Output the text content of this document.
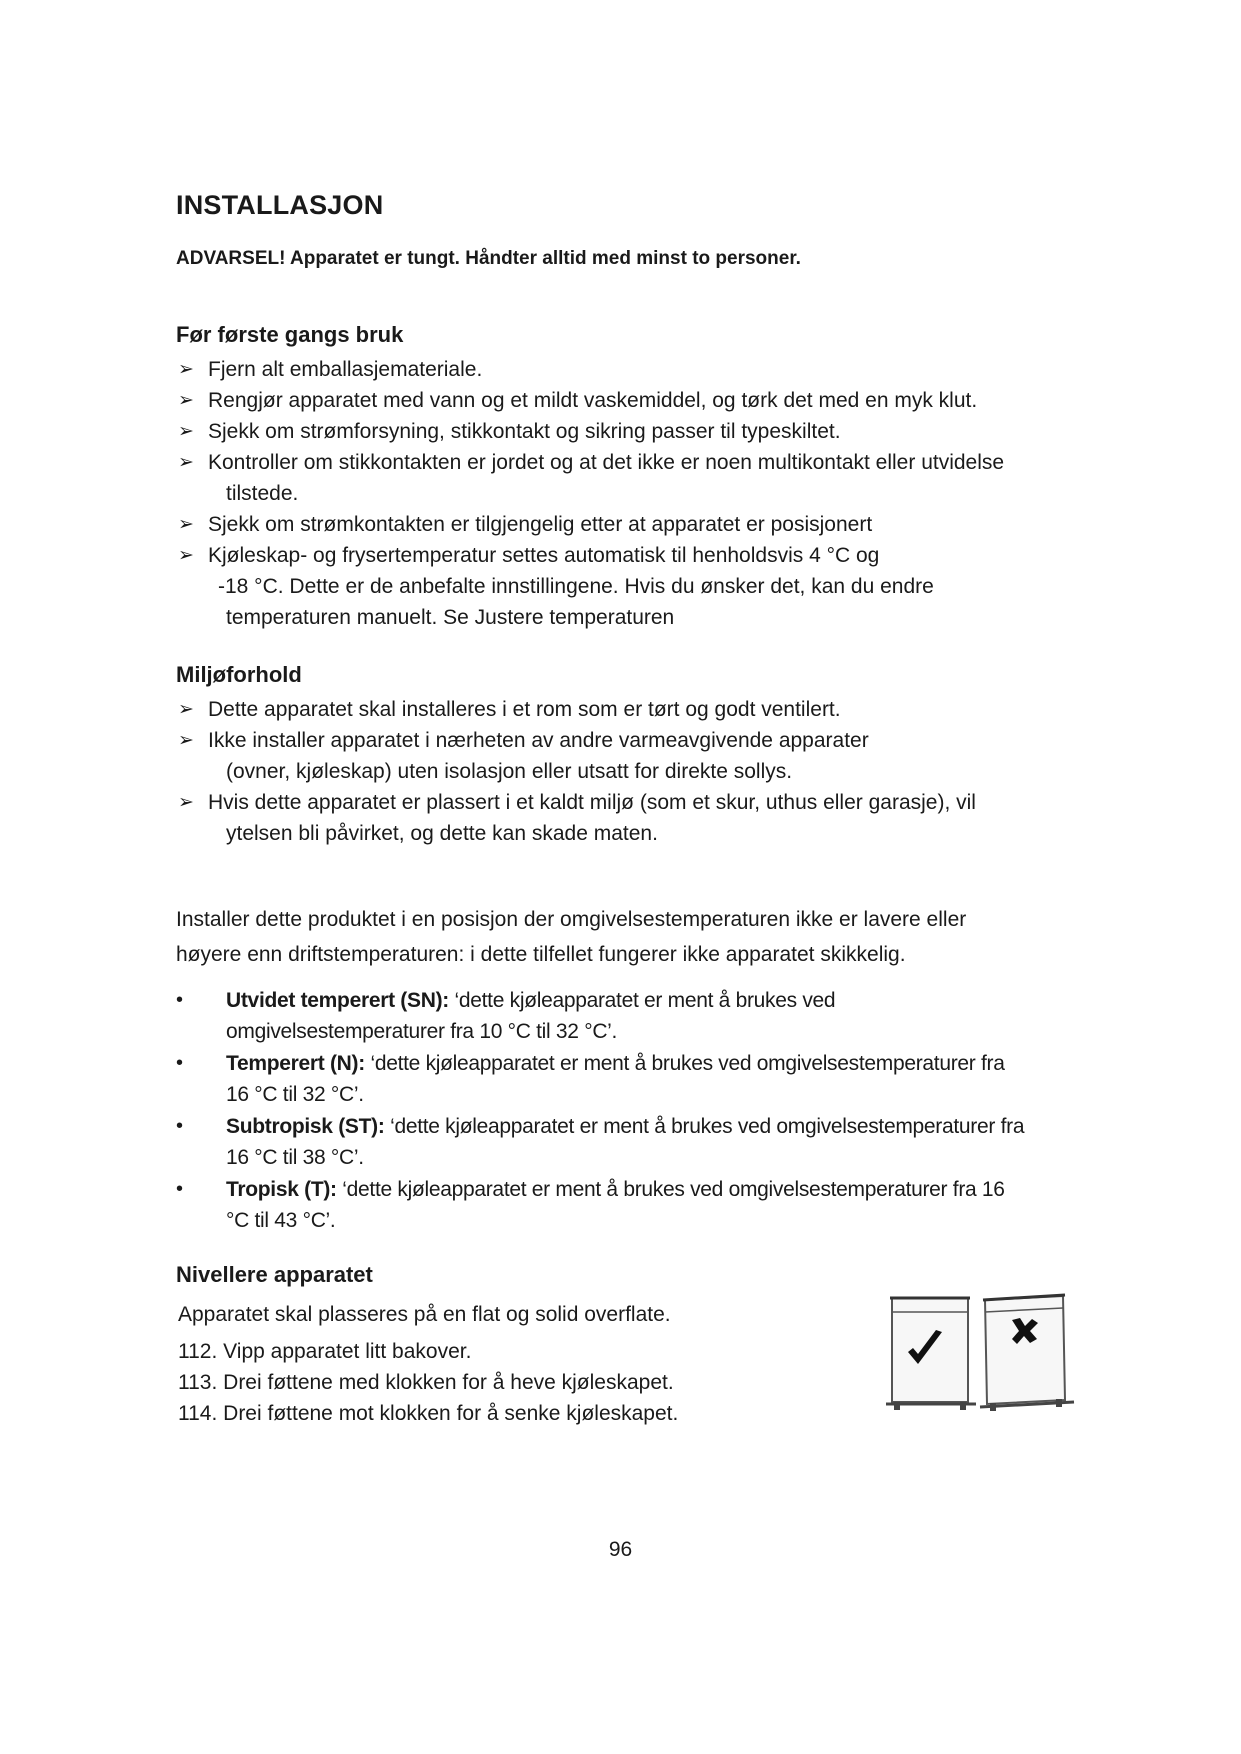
INSTALLASJON
ADVARSEL! Apparatet er tungt. Håndter alltid med minst to personer.
Før første gangs bruk
➢ Fjern alt emballasjemateriale.
➢ Rengjør apparatet med vann og et mildt vaskemiddel, og tørk det med en myk klut.
➢ Sjekk om strømforsyning, stikkontakt og sikring passer til typeskiltet.
➢ Kontroller om stikkontakten er jordet og at det ikke er noen multikontakt eller utvidelse
tilstede.
➢ Sjekk om strømkontakten er tilgjengelig etter at apparatet er posisjonert
➢ Kjøleskap- og frysertemperatur settes automatisk til henholdsvis 4 °C og
-18 °C. Dette er de anbefalte innstillingene. Hvis du ønsker det, kan du endre
temperaturen manuelt. Se Justere temperaturen
Miljøforhold
➢ Dette apparatet skal installeres i et rom som er tørt og godt ventilert.
➢ Ikke installer apparatet i nærheten av andre varmeavgivende apparater
(ovner, kjøleskap) uten isolasjon eller utsatt for direkte sollys.
➢ Hvis dette apparatet er plassert i et kaldt miljø (som et skur, uthus eller garasje), vil
ytelsen bli påvirket, og dette kan skade maten.
Installer dette produktet i en posisjon der omgivelsestemperaturen ikke er lavere eller
høyere enn driftstemperaturen: i dette tilfellet fungerer ikke apparatet skikkelig.
• Utvidet temperert (SN): ‘dette kjøleapparatet er ment å brukes ved
omgivelsestemperaturer fra 10 °C til 32 °C’.
• Temperert (N): ‘dette kjøleapparatet er ment å brukes ved omgivelsestemperaturer fra
16 °C til 32 °C’.
• Subtropisk (ST): ‘dette kjøleapparatet er ment å brukes ved omgivelsestemperaturer fra
16 °C til 38 °C’.
• Tropisk (T): ‘dette kjøleapparatet er ment å brukes ved omgivelsestemperaturer fra 16
°C til 43 °C’.
Nivellere apparatet
Apparatet skal plasseres på en flat og solid overflate.
112. Vipp apparatet litt bakover.
113. Drei føttene med klokken for å heve kjøleskapet.
114. Drei føttene mot klokken for å senke kjøleskapet.
96
